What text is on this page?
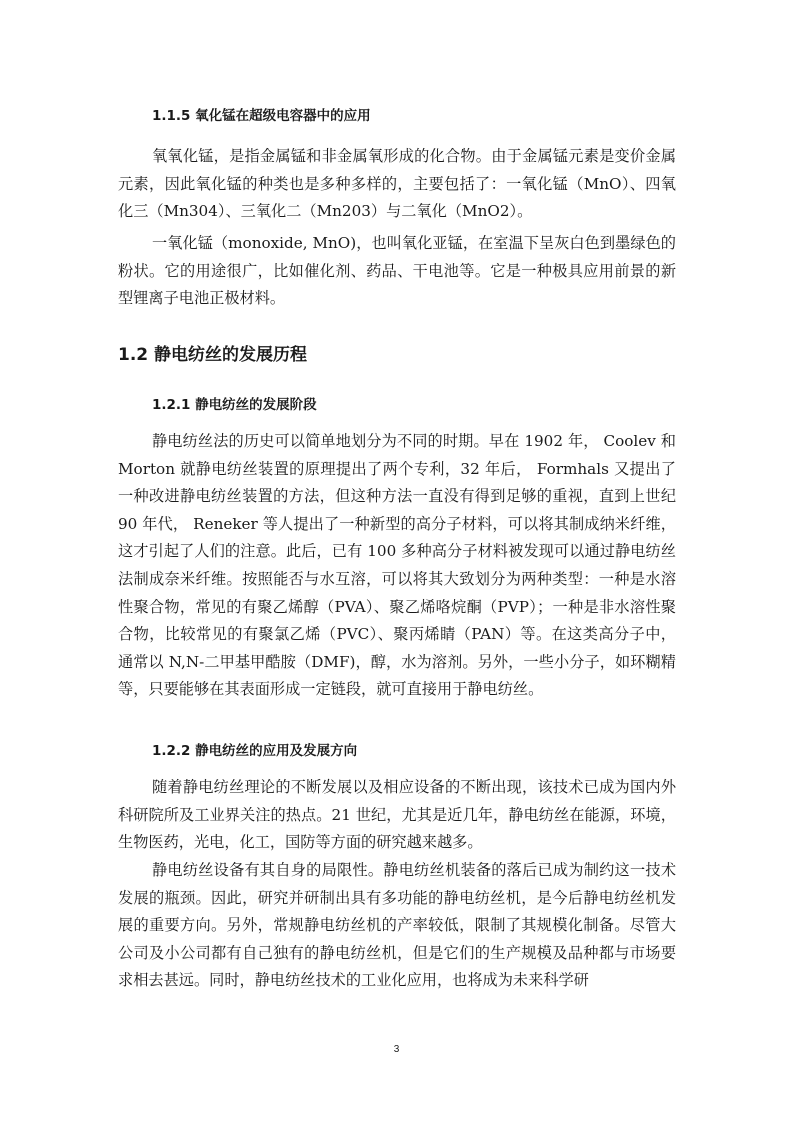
1.1.5 氧化锰在超级电容器中的应用

氧氧化锰，是指金属锰和非金属氧形成的化合物。由于金属锰元素是变价金属元素，因此氧化锰的种类也是多种多样的，主要包括了：一氧化锰（MnO）、四氧化三（Mn304）、三氧化二（Mn203）与二氧化（MnO2）。

一氧化锰（monoxide, MnO)，也叫氧化亚锰，在室温下呈灰白色到墨绿色的粉状。它的用途很广，比如催化剂、药品、干电池等。它是一种极具应用前景的新型锂离子电池正极材料。

1.2 静电纺丝的发展历程
1.2.1 静电纺丝的发展阶段

静电纺丝法的历史可以简单地划分为不同的时期。早在 1902 年， Coolev 和 Morton 就静电纺丝装置的原理提出了两个专利，32 年后， Formhals 又提出了一种改进静电纺丝装置的方法，但这种方法一直没有得到足够的重视，直到上世纪 90 年代， Reneker 等人提出了一种新型的高分子材料，可以将其制成纳米纤维，这才引起了人们的注意。此后，已有 100 多种高分子材料被发现可以通过静电纺丝法制成奈米纤维。按照能否与水互溶，可以将其大致划分为两种类型：一种是水溶性聚合物，常见的有聚乙烯醇（PVA）、聚乙烯咯烷酮（PVP）；一种是非水溶性聚合物，比较常见的有聚氯乙烯（PVC）、聚丙烯睛（PAN）等。在这类高分子中，通常以 N,N-二甲基甲酷胺（DMF)，醇，水为溶剂。另外，一些小分子，如环糊精等，只要能够在其表面形成一定链段，就可直接用于静电纺丝。

1.2.2 静电纺丝的应用及发展方向

随着静电纺丝理论的不断发展以及相应设备的不断出现，该技术已成为国内外科研院所及工业界关注的热点。21 世纪，尤其是近几年，静电纺丝在能源，环境，生物医药，光电，化工，国防等方面的研究越来越多。

静电纺丝设备有其自身的局限性。静电纺丝机装备的落后已成为制约这一技术发展的瓶颈。因此，研究并研制出具有多功能的静电纺丝机，是今后静电纺丝机发展的重要方向。另外，常规静电纺丝机的产率较低，限制了其规模化制备。尽管大公司及小公司都有自己独有的静电纺丝机，但是它们的生产规模及品种都与市场要求相去甚远。同时，静电纺丝技术的工业化应用，也将成为未来科学研

3
